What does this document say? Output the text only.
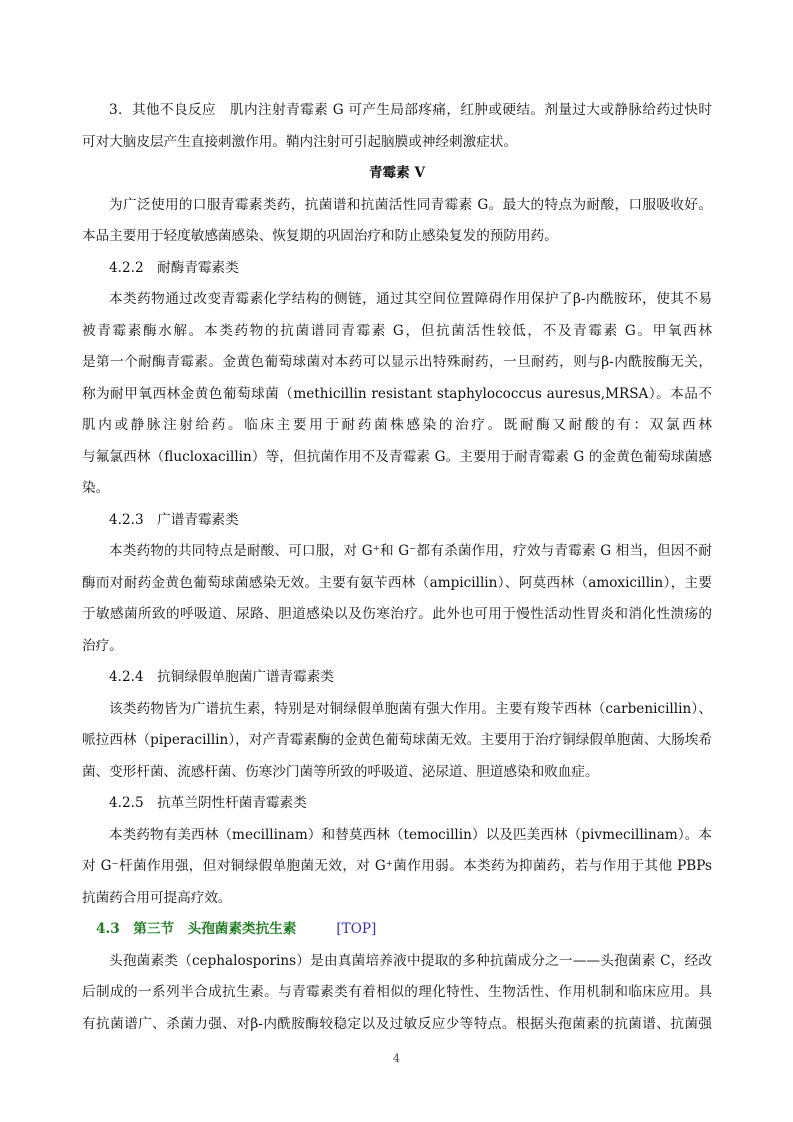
3．其他不良反应　肌内注射青霉素 G 可产生局部疼痛，红肿或硬结。剂量过大或静脉给药过快时
可对大脑皮层产生直接刺激作用。鞘内注射可引起脑膜或神经刺激症状。
青霉素 V
为广泛使用的口服青霉素类药，抗菌谱和抗菌活性同青霉素 G。最大的特点为耐酸，口服吸收好。
本品主要用于轻度敏感菌感染、恢复期的巩固治疗和防止感染复发的预防用药。
4.2.2　耐酶青霉素类
本类药物通过改变青霉素化学结构的侧链，通过其空间位置障碍作用保护了β-内酰胺环，使其不易
被青霉素酶水解。本类药物的抗菌谱同青霉素 G，但抗菌活性较低，不及青霉素 G。甲氧西林
是第一个耐酶青霉素。金黄色葡萄球菌对本药可以显示出特殊耐药，一旦耐药，则与β-内酰胺酶无关，
称为耐甲氧西林金黄色葡萄球菌（methicillin resistant staphylococcus auresus,MRSA）。本品不
肌内或静脉注射给药。临床主要用于耐药菌株感染的治疗。既耐酶又耐酸的有：双氯西林
与氟氯西林（flucloxacillin）等，但抗菌作用不及青霉素 G。主要用于耐青霉素 G 的金黄色葡萄球菌感
染。
4.2.3　广谱青霉素类
本类药物的共同特点是耐酸、可口服，对 G⁺和 G⁻都有杀菌作用，疗效与青霉素 G 相当，但因不耐
酶而对耐药金黄色葡萄球菌感染无效。主要有氨苄西林（ampicillin）、阿莫西林（amoxicillin），主要
于敏感菌所致的呼吸道、尿路、胆道感染以及伤寒治疗。此外也可用于慢性活动性胃炎和消化性溃疡的
治疗。
4.2.4　抗铜绿假单胞菌广谱青霉素类
该类药物皆为广谱抗生素，特别是对铜绿假单胞菌有强大作用。主要有羧苄西林（carbenicillin）、
哌拉西林（piperacillin），对产青霉素酶的金黄色葡萄球菌无效。主要用于治疗铜绿假单胞菌、大肠埃希
菌、变形杆菌、流感杆菌、伤寒沙门菌等所致的呼吸道、泌尿道、胆道感染和败血症。
4.2.5　抗革兰阴性杆菌青霉素类
本类药物有美西林（mecillinam）和替莫西林（temocillin）以及匹美西林（pivmecillinam）。本
对 G⁻杆菌作用强，但对铜绿假单胞菌无效，对 G⁺菌作用弱。本类药为抑菌药，若与作用于其他 PBPs
抗菌药合用可提高疗效。
4.3　第三节　头孢菌素类抗生素	[TOP]
头孢菌素类（cephalosporins）是由真菌培养液中提取的多种抗菌成分之一——头孢菌素 C，经改
后制成的一系列半合成抗生素。与青霉素类有着相似的理化特性、生物活性、作用机制和临床应用。具
有抗菌谱广、杀菌力强、对β-内酰胺酶较稳定以及过敏反应少等特点。根据头孢菌素的抗菌谱、抗菌强
4
